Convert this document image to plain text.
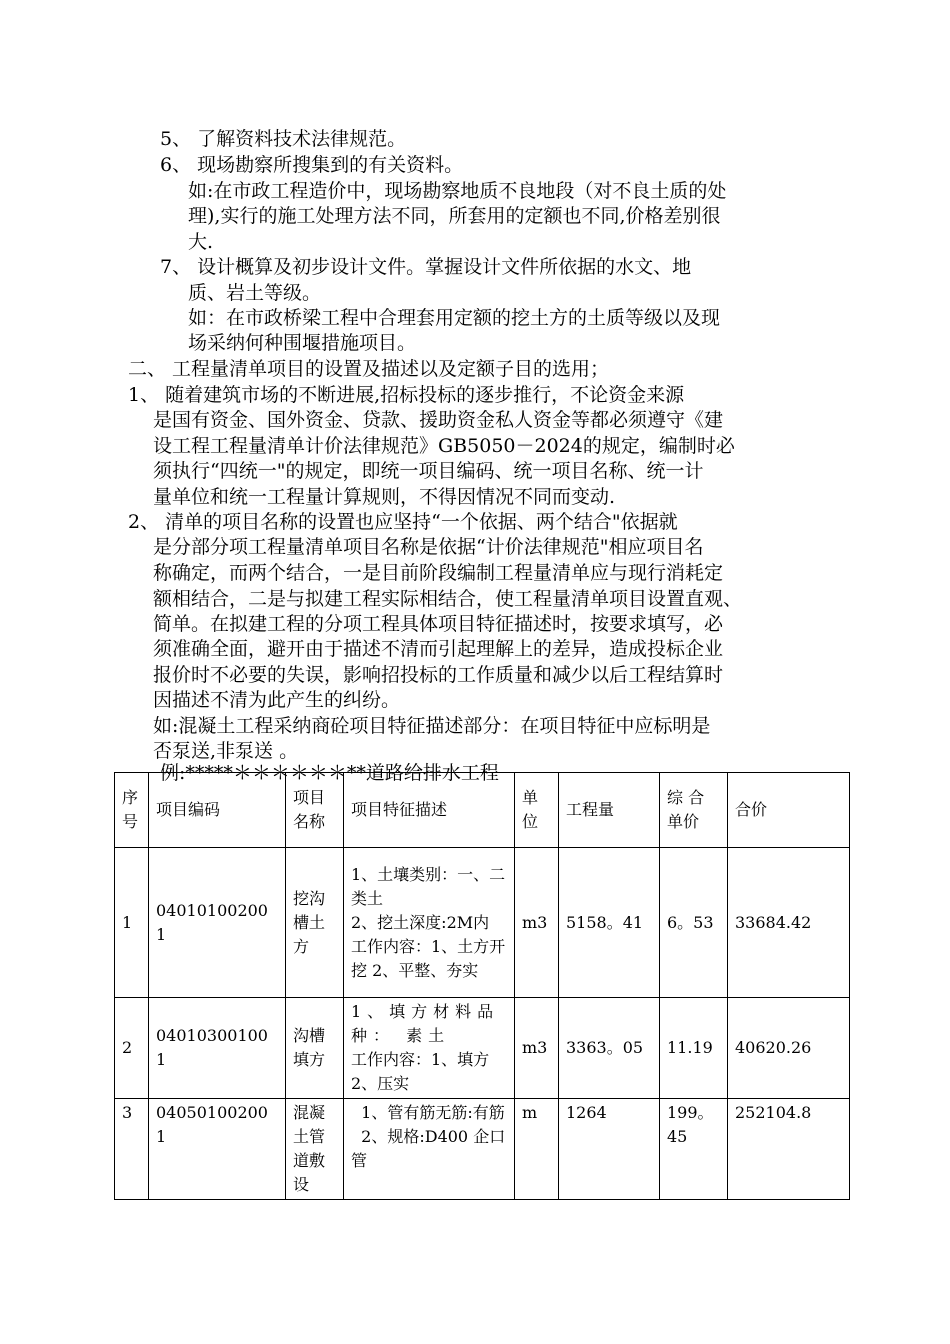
5、 了解资料技术法律规范。
6、 现场勘察所搜集到的有关资料。
如:在市政工程造价中，现场勘察地质不良地段（对不良土质的处
理),实行的施工处理方法不同，所套用的定额也不同,价格差别很
大.
7、 设计概算及初步设计文件。掌握设计文件所依据的水文、地
质、岩土等级。
如：在市政桥梁工程中合理套用定额的挖土方的土质等级以及现
场采纳何种围堰措施项目。
二、 工程量清单项目的设置及描述以及定额子目的选用；
1、 随着建筑市场的不断进展,招标投标的逐步推行，不论资金来源
是国有资金、国外资金、贷款、援助资金私人资金等都必须遵守《建
设工程工程量清单计价法律规范》GB5050－2024的规定，编制时必
须执行“四统一"的规定，即统一项目编码、统一项目名称、统一计
量单位和统一工程量计算规则，不得因情况不同而变动.
2、 清单的项目名称的设置也应坚持“一个依据、两个结合"依据就
是分部分项工程量清单项目名称是依据“计价法律规范"相应项目名
称确定，而两个结合，一是目前阶段编制工程量清单应与现行消耗定
额相结合，二是与拟建工程实际相结合，使工程量清单项目设置直观、
简单。在拟建工程的分项工程具体项目特征描述时，按要求填写，必
须准确全面，避开由于描述不清而引起理解上的差异，造成投标企业
报价时不必要的失误，影响招投标的工作质量和减少以后工程结算时
因描述不清为此产生的纠纷。
如:混凝土工程采纳商砼项目特征描述部分：在项目特征中应标明是
否泵送,非泵送 。
例:*****＊＊＊＊＊＊**道路给排水工程
序号	项目编码	项目名称	项目特征描述	单位	工程量	综 合单价	合价
1	040101002001	挖沟槽土方	1、土壤类别：一、二类土
2、挖土深度:2M内
工作内容：1、土方开挖 2、平整、夯实	m3	5158。41	6。53	33684.42
2	040103001001	沟槽填方	1、填方材料品种： 素土
工作内容：1、填方 2、压实	m3	3363。05	11.19	40620.26
3	040501002001	混凝土管道敷设	1、管有筋无筋:有筋
2、规格:D400 企口管	m	1264	199。45	252104.8
